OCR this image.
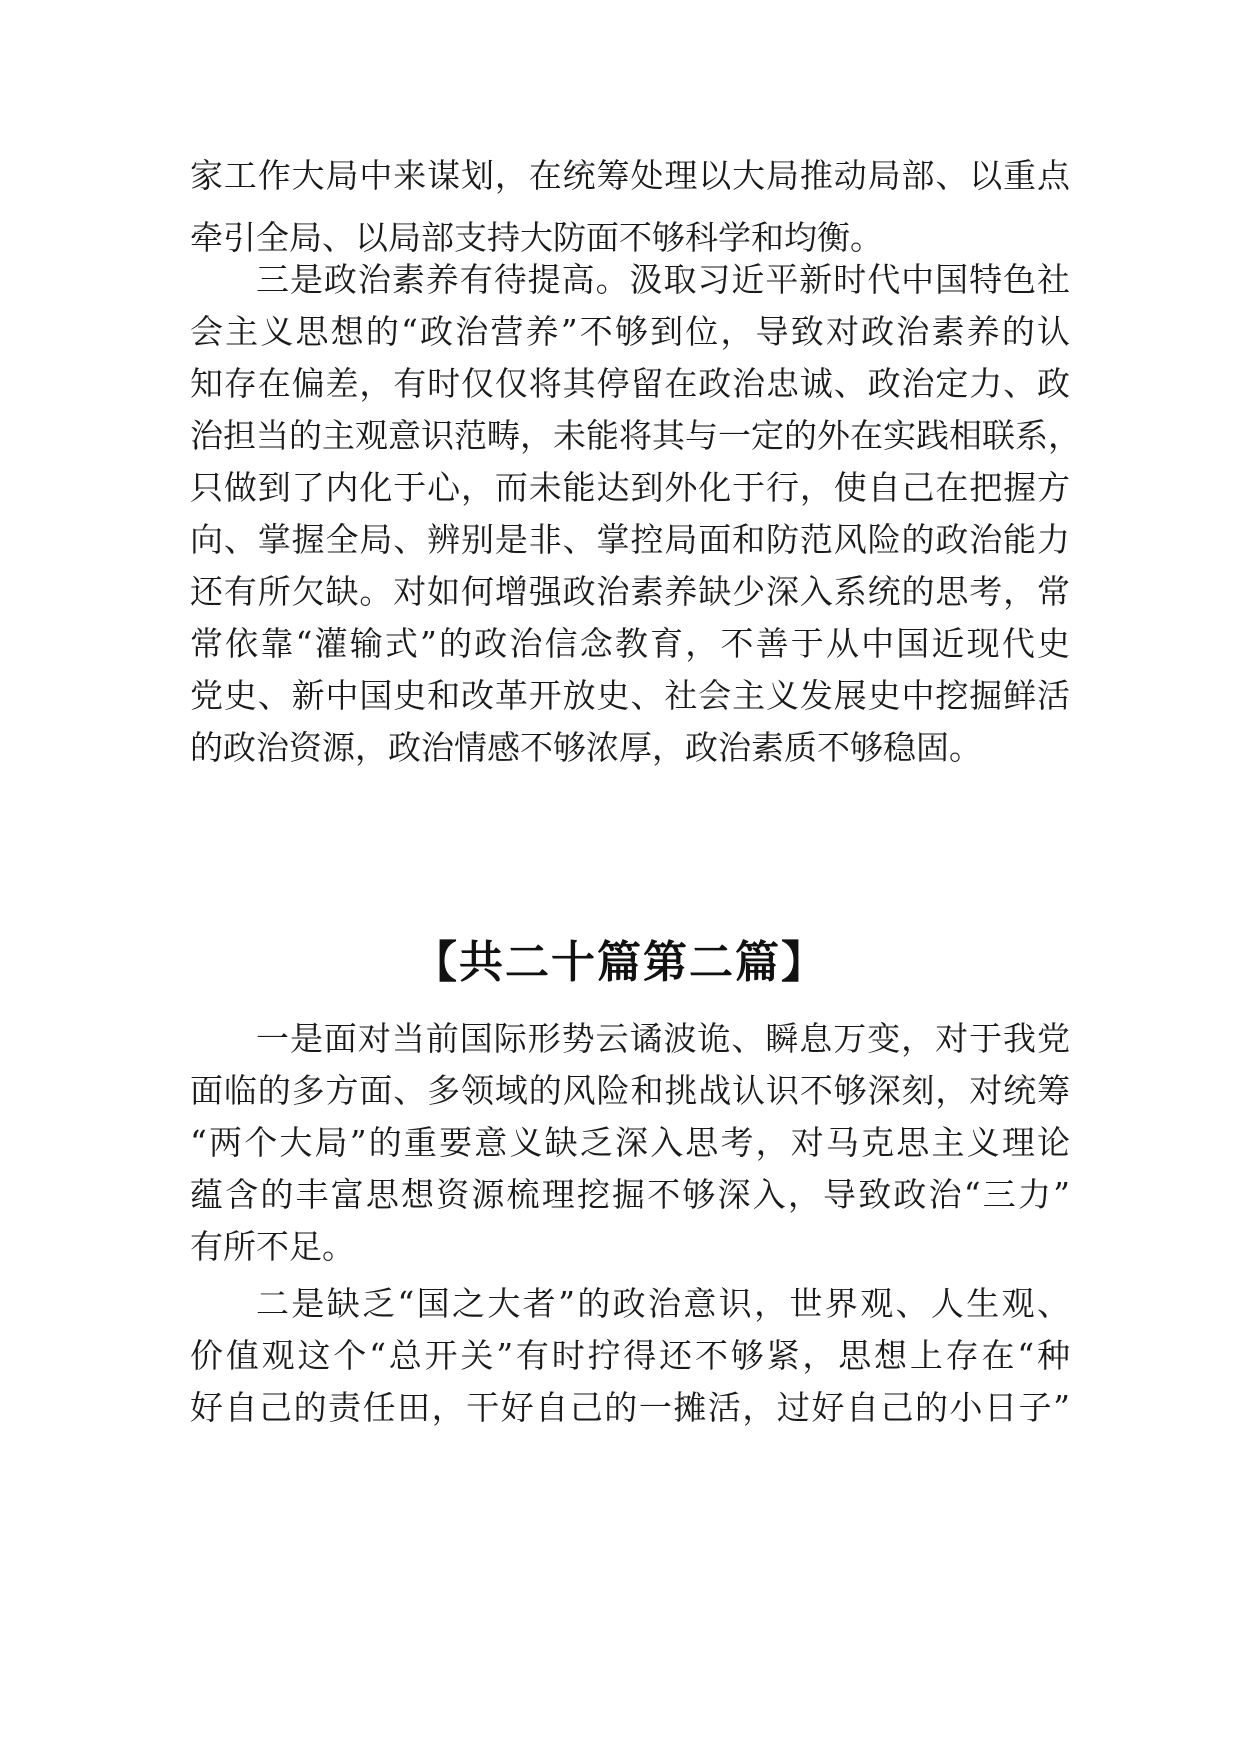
家工作大局中来谋划，在统筹处理以大局推动局部、以重点
牵引全局、以局部支持大防面不够科学和均衡。
三是政治素养有待提高。汲取习近平新时代中国特色社
会主义思想的“政治营养”不够到位，导致对政治素养的认
知存在偏差，有时仅仅将其停留在政治忠诚、政治定力、政
治担当的主观意识范畴，未能将其与一定的外在实践相联系，
只做到了内化于心，而未能达到外化于行，使自己在把握方
向、掌握全局、辨别是非、掌控局面和防范风险的政治能力
还有所欠缺。对如何增强政治素养缺少深入系统的思考，常
常依靠“灌输式”的政治信念教育，不善于从中国近现代史
党史、新中国史和改革开放史、社会主义发展史中挖掘鲜活
的政治资源，政治情感不够浓厚，政治素质不够稳固。
【共二十篇第二篇】
一是面对当前国际形势云谲波诡、瞬息万变，对于我党
面临的多方面、多领域的风险和挑战认识不够深刻，对统筹
“两个大局”的重要意义缺乏深入思考，对马克思主义理论
蕴含的丰富思想资源梳理挖掘不够深入，导致政治“三力”
有所不足。
二是缺乏“国之大者”的政治意识，世界观、人生观、
价值观这个“总开关”有时拧得还不够紧，思想上存在“种
好自己的责任田，干好自己的一摊活，过好自己的小日子”
